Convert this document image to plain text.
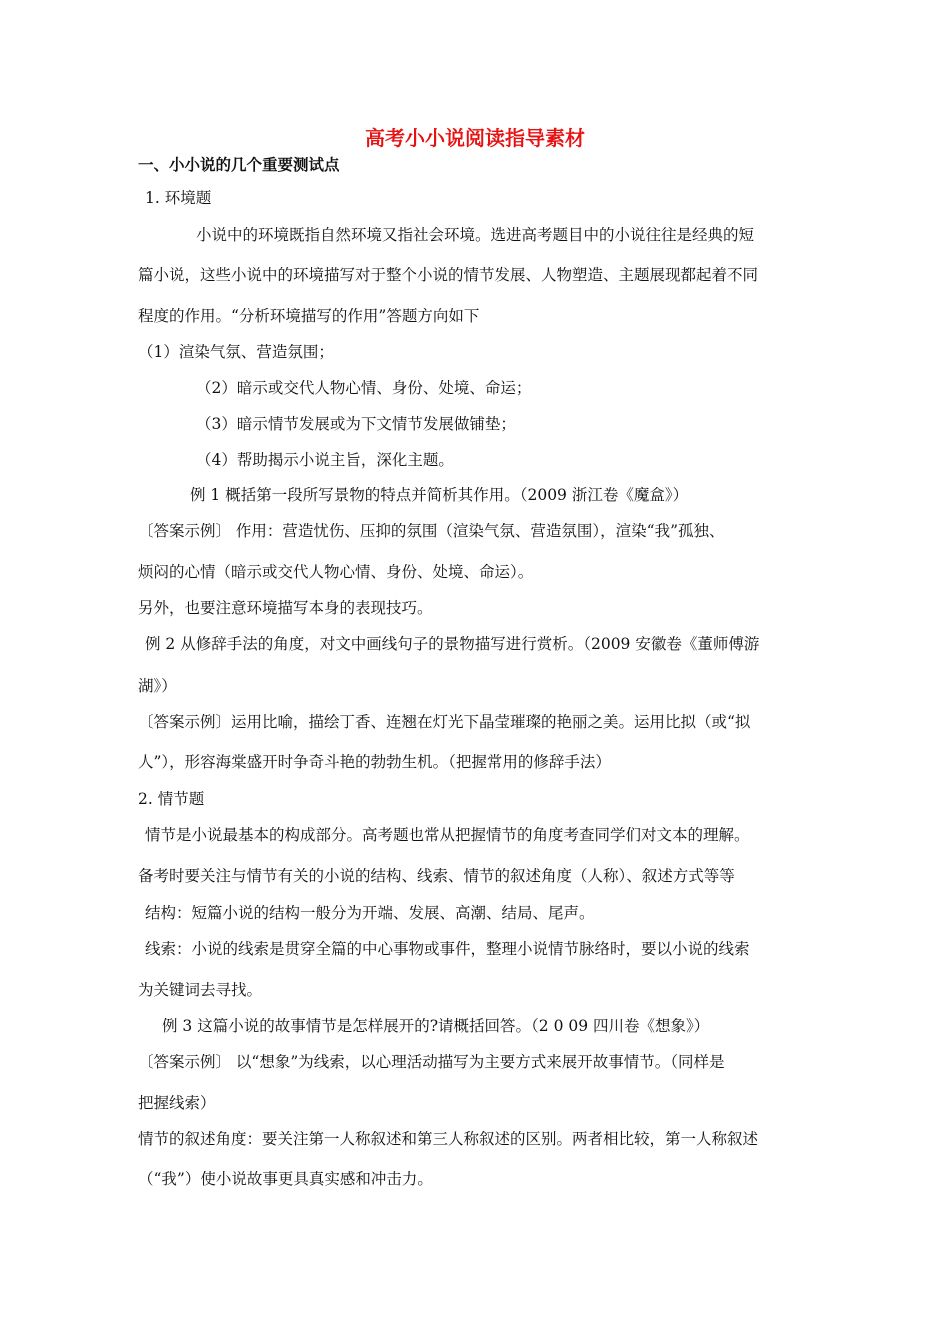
高考小小说阅读指导素材
一、小小说的几个重要测试点
1. 环境题
小说中的环境既指自然环境又指社会环境。选进高考题目中的小说往往是经典的短
篇小说，这些小说中的环境描写对于整个小说的情节发展、人物塑造、主题展现都起着不同
程度的作用。“分析环境描写的作用”答题方向如下
（1）渲染气氛、营造氛围；
（2）暗示或交代人物心情、身份、处境、命运；
（3）暗示情节发展或为下文情节发展做铺垫；
（4）帮助揭示小说主旨，深化主题。
例 1 概括第一段所写景物的特点并简析其作用。（2009 浙江卷《魔盒》）
〔答案示例〕 作用：营造忧伤、压抑的氛围（渲染气氛、营造氛围），渲染“我”孤独、
烦闷的心情（暗示或交代人物心情、身份、处境、命运）。
另外，也要注意环境描写本身的表现技巧。
例 2 从修辞手法的角度，对文中画线句子的景物描写进行赏析。（2009 安徽卷《董师傅游
湖》）
〔答案示例〕运用比喻，描绘丁香、连翘在灯光下晶莹璀璨的艳丽之美。运用比拟（或“拟
人”），形容海棠盛开时争奇斗艳的勃勃生机。（把握常用的修辞手法）
2. 情节题
情节是小说最基本的构成部分。高考题也常从把握情节的角度考查同学们对文本的理解。
备考时要关注与情节有关的小说的结构、线索、情节的叙述角度（人称）、叙述方式等等
结构：短篇小说的结构一般分为开端、发展、高潮、结局、尾声。
线索：小说的线索是贯穿全篇的中心事物或事件，整理小说情节脉络时，要以小说的线索
为关键词去寻找。
例 3 这篇小说的故事情节是怎样展开的?请概括回答。（2 0 09 四川卷《想象》）
〔答案示例〕 以“想象”为线索，以心理活动描写为主要方式来展开故事情节。（同样是
把握线索）
情节的叙述角度：要关注第一人称叙述和第三人称叙述的区别。两者相比较，第一人称叙述
（“我”）使小说故事更具真实感和冲击力。
